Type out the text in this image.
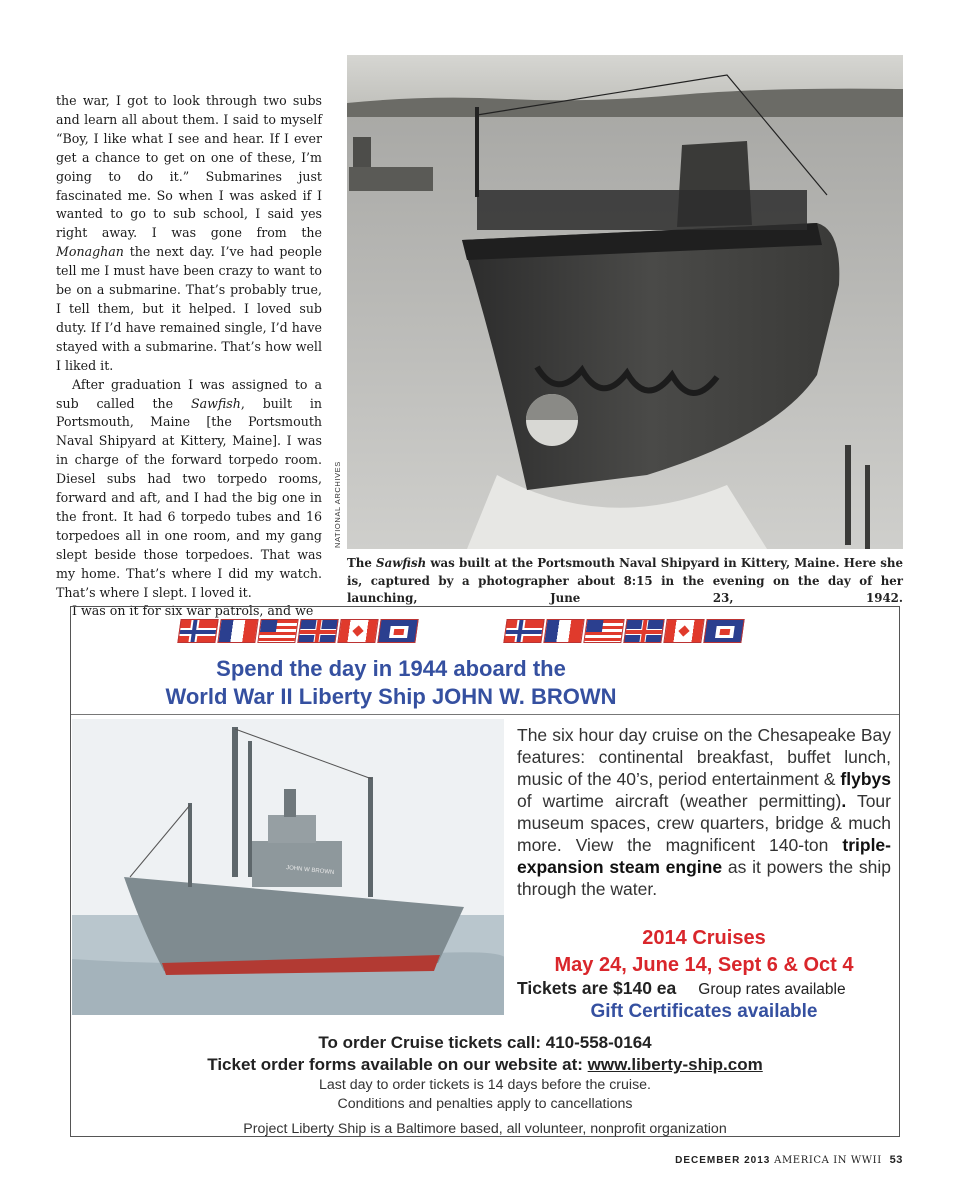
the war, I got to look through two subs and learn all about them. I said to myself “Boy, I like what I see and hear. If I ever get a chance to get on one of these, I’m going to do it.” Submarines just fascinated me. So when I was asked if I wanted to go to sub school, I said yes right away. I was gone from the Monaghan the next day. I’ve had people tell me I must have been crazy to want to be on a submarine. That’s probably true, I tell them, but it helped. I loved sub duty. If I’d have remained single, I’d have stayed with a submarine. That’s how well I liked it.

After graduation I was assigned to a sub called the Sawfish, built in Portsmouth, Maine [the Portsmouth Naval Shipyard at Kittery, Maine]. I was in charge of the forward torpedo room. Diesel subs had two torpedo rooms, forward and aft, and I had the big one in the front. It had 6 torpedo tubes and 16 torpedoes all in one room, and my gang slept beside those torpedoes. That was my home. That’s where I did my watch. That’s where I slept. I loved it.

I was on it for six war patrols, and we

NATIONAL ARCHIVES
The Sawfish was built at the Portsmouth Naval Shipyard in Kittery, Maine. Here she is, captured by a photographer about 8:15 in the evening on the day of her launching, June 23, 1942.
Spend the day in 1944 aboard the
World War II Liberty Ship JOHN W. BROWN
JOHN W BROWN
The six hour day cruise on the Chesapeake Bay features: continental breakfast, buffet lunch, music of the 40’s, period entertainment & flybys of wartime aircraft (weather permitting). Tour museum spaces, crew quarters, bridge & much more. View the magnificent 140-ton triple-expansion steam engine as it powers the ship through the water.
2014 Cruises
May 24, June 14, Sept 6 & Oct 4
Tickets are $140 ea Group rates available
Gift Certificates available
To order Cruise tickets call: 410-558-0164
Ticket order forms available on our website at: www.liberty-ship.com
Last day to order tickets is 14 days before the cruise.
Conditions and penalties apply to cancellations
Project Liberty Ship is a Baltimore based, all volunteer, nonprofit organization
DECEMBER 2013 AMERICA IN WWII 53
